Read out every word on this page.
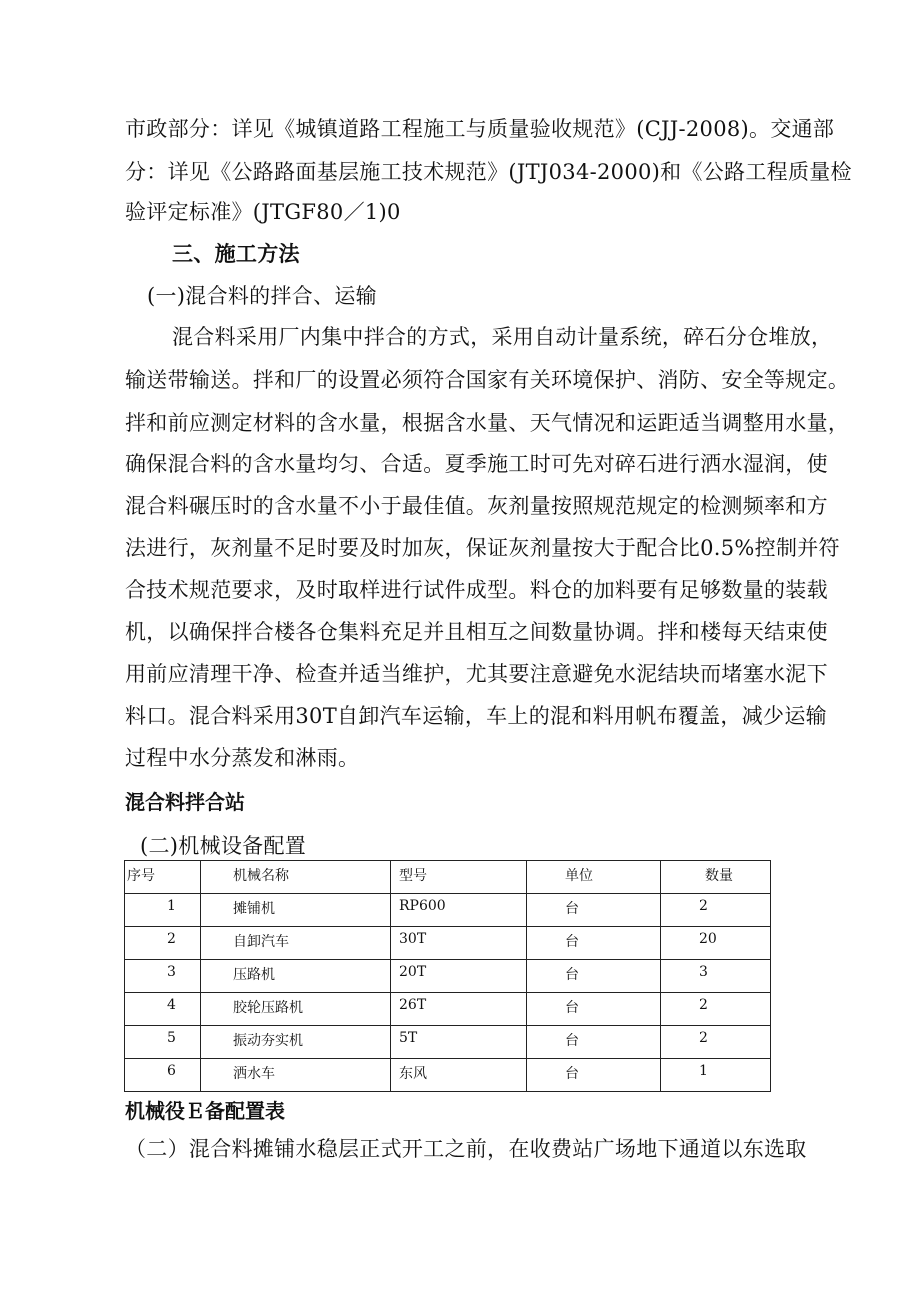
市政部分：详见《城镇道路工程施工与质量验收规范》(CJJ-2008)。交通部
分：详见《公路路面基层施工技术规范》(JTJ034-2000)和《公路工程质量检
验评定标准》(JTGF80／1)0
三、施工方法
(一)混合料的拌合、运输
混合料采用厂内集中拌合的方式，采用自动计量系统，碎石分仓堆放，
输送带输送。拌和厂的设置必须符合国家有关环境保护、消防、安全等规定。
拌和前应测定材料的含水量，根据含水量、天气情况和运距适当调整用水量，
确保混合料的含水量均匀、合适。夏季施工时可先对碎石进行洒水湿润，使
混合料碾压时的含水量不小于最佳值。灰剂量按照规范规定的检测频率和方
法进行，灰剂量不足时要及时加灰，保证灰剂量按大于配合比0.5%控制并符
合技术规范要求，及时取样进行试件成型。料仓的加料要有足够数量的装载
机，以确保拌合楼各仓集料充足并且相互之间数量协调。拌和楼每天结束使
用前应清理干净、检查并适当维护，尤其要注意避免水泥结块而堵塞水泥下
料口。混合料采用30T自卸汽车运输，车上的混和料用帆布覆盖，减少运输
过程中水分蒸发和淋雨。
混合料拌合站
(二)机械设备配置
序号	机械名称	型号	单位	数量

1	摊铺机	RP600	台	2

2	自卸汽车	30T	台	20

3	压路机	20T	台	3

4	胶轮压路机	26T	台	2

5	振动夯实机	5T	台	2

6	洒水车	东风	台	1
机械役Ｅ备配置表
（二）混合料摊铺水稳层正式开工之前，在收费站广场地下通道以东选取
